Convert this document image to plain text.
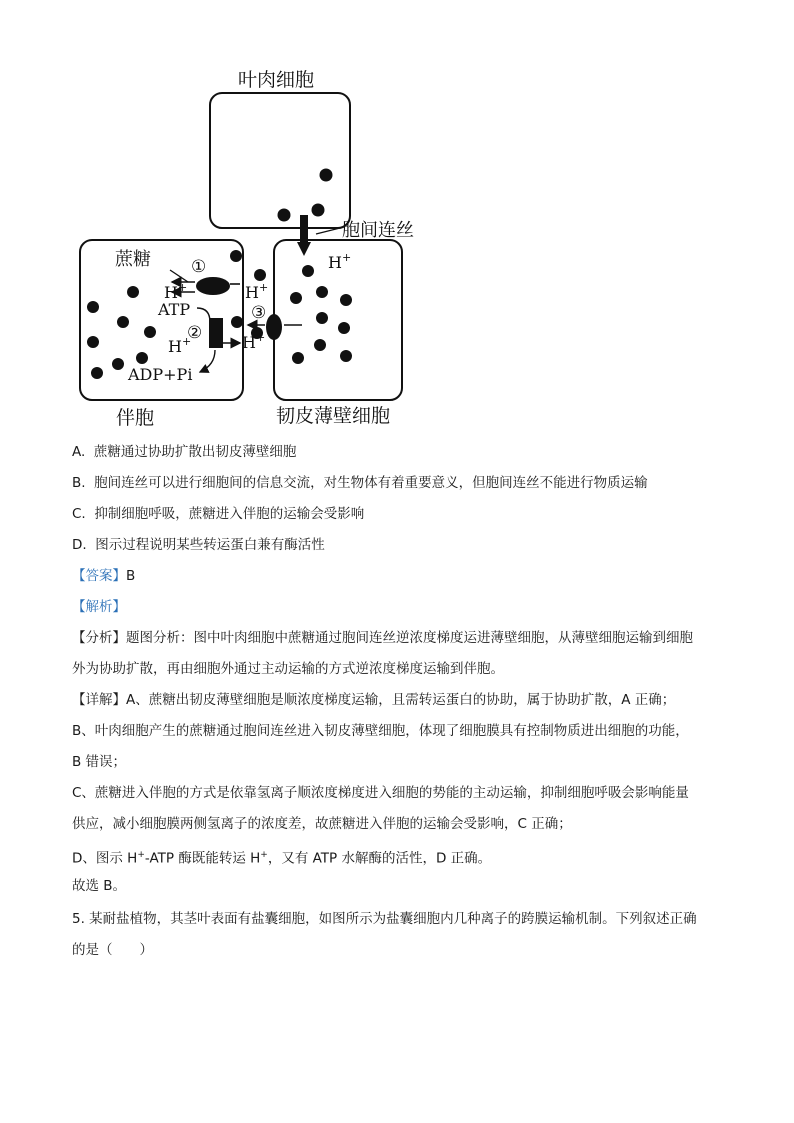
叶肉细胞
胞间连丝
蔗糖 ①
H+	H+
ATP
②
H+	H+
ADP+Pi
H+
③
伴胞	韧皮薄壁细胞
A. 蔗糖通过协助扩散出韧皮薄壁细胞
B. 胞间连丝可以进行细胞间的信息交流，对生物体有着重要意义，但胞间连丝不能进行物质运输
C. 抑制细胞呼吸，蔗糖进入伴胞的运输会受影响
D. 图示过程说明某些转运蛋白兼有酶活性
【答案】B
【解析】
【分析】题图分析：图中叶肉细胞中蔗糖通过胞间连丝逆浓度梯度运进薄壁细胞，从薄壁细胞运输到细胞
外为协助扩散，再由细胞外通过主动运输的方式逆浓度梯度运输到伴胞。
【详解】A、蔗糖出韧皮薄壁细胞是顺浓度梯度运输，且需转运蛋白的协助，属于协助扩散，A 正确；
B、叶肉细胞产生的蔗糖通过胞间连丝进入韧皮薄壁细胞，体现了细胞膜具有控制物质进出细胞的功能，
B 错误；
C、蔗糖进入伴胞的方式是依靠氢离子顺浓度梯度进入细胞的势能的主动运输，抑制细胞呼吸会影响能量
供应，减小细胞膜两侧氢离子的浓度差，故蔗糖进入伴胞的运输会受影响，C 正确；
D、图示 H+-ATP 酶既能转运 H+，又有 ATP 水解酶的活性，D 正确。
故选 B。
5. 某耐盐植物，其茎叶表面有盐囊细胞，如图所示为盐囊细胞内几种离子的跨膜运输机制。下列叙述正确
的是（　　）
